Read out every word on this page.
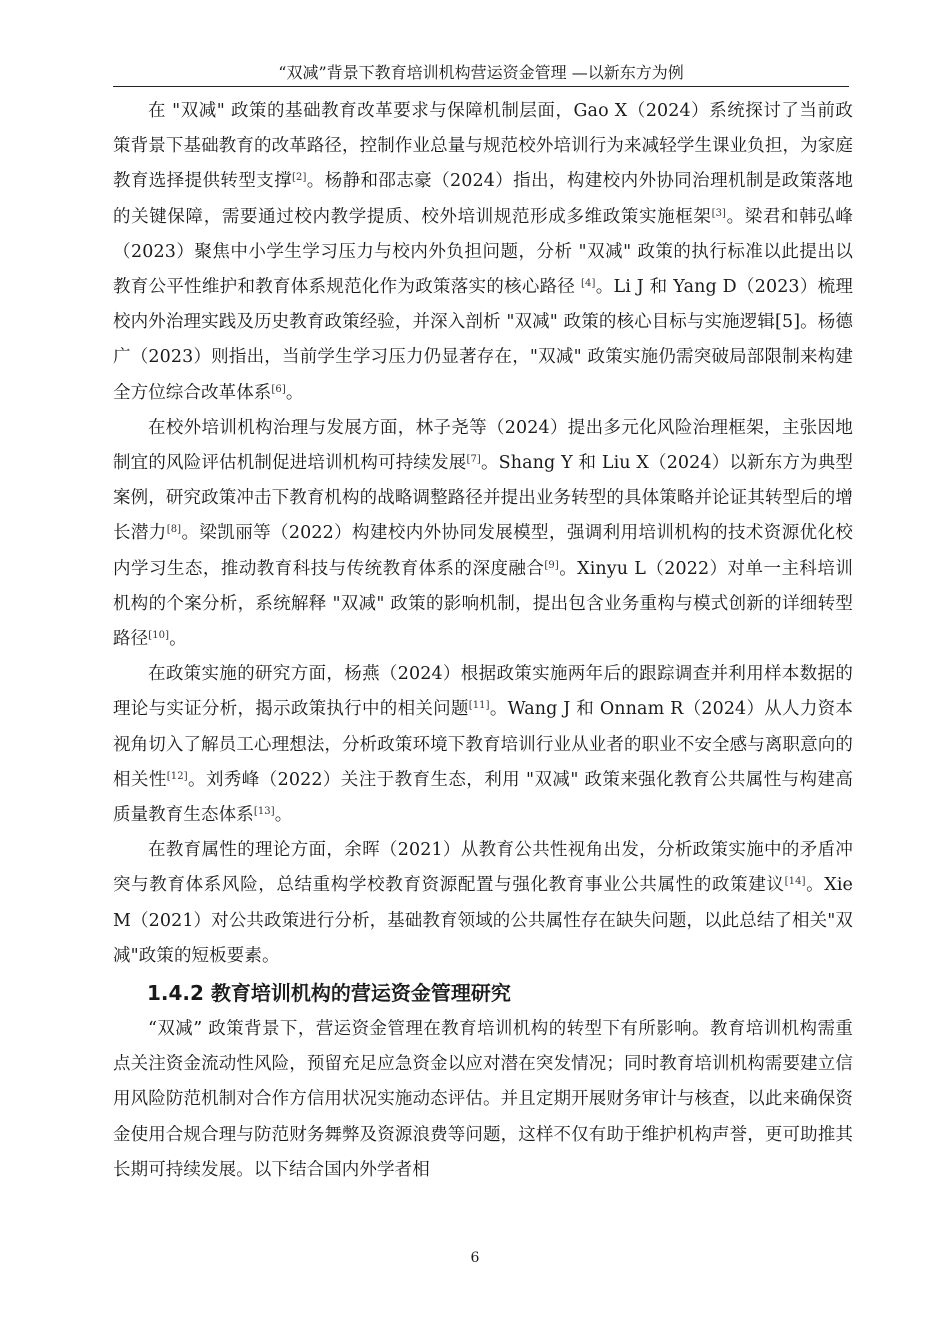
“双减”背景下教育培训机构营运资金管理 —以新东方为例

在 "双减" 政策的基础教育改革要求与保障机制层面，Gao X（2024）系统探讨了当前政策背景下基础教育的改革路径，控制作业总量与规范校外培训行为来减轻学生课业负担，为家庭教育选择提供转型支撑[2]。杨静和邵志豪（2024）指出，构建校内外协同治理机制是政策落地的关键保障，需要通过校内教学提质、校外培训规范形成多维政策实施框架[3]。梁君和韩弘峰（2023）聚焦中小学生学习压力与校内外负担问题，分析 "双减" 政策的执行标准以此提出以教育公平性维护和教育体系规范化作为政策落实的核心路径 [4]。Li J 和 Yang D（2023）梳理校内外治理实践及历史教育政策经验，并深入剖析 "双减" 政策的核心目标与实施逻辑[5]。杨德广（2023）则指出，当前学生学习压力仍显著存在，"双减" 政策实施仍需突破局部限制来构建全方位综合改革体系[6]。

在校外培训机构治理与发展方面，林子尧等（2024）提出多元化风险治理框架，主张因地制宜的风险评估机制促进培训机构可持续发展[7]。Shang Y 和 Liu X（2024）以新东方为典型案例，研究政策冲击下教育机构的战略调整路径并提出业务转型的具体策略并论证其转型后的增长潜力[8]。梁凯丽等（2022）构建校内外协同发展模型，强调利用培训机构的技术资源优化校内学习生态，推动教育科技与传统教育体系的深度融合[9]。Xinyu L（2022）对单一主科培训机构的个案分析，系统解释 "双减" 政策的影响机制，提出包含业务重构与模式创新的详细转型路径[10]。

在政策实施的研究方面，杨燕（2024）根据政策实施两年后的跟踪调查并利用样本数据的理论与实证分析，揭示政策执行中的相关问题[11]。Wang J 和 Onnam R（2024）从人力资本视角切入了解员工心理想法，分析政策环境下教育培训行业从业者的职业不安全感与离职意向的相关性[12]。刘秀峰（2022）关注于教育生态，利用 "双减" 政策来强化教育公共属性与构建高质量教育生态体系[13]。

在教育属性的理论方面，余晖（2021）从教育公共性视角出发，分析政策实施中的矛盾冲突与教育体系风险，总结重构学校教育资源配置与强化教育事业公共属性的政策建议[14]。Xie M（2021）对公共政策进行分析，基础教育领域的公共属性存在缺失问题，以此总结了相关"双减"政策的短板要素。

1.4.2 教育培训机构的营运资金管理研究

“双减” 政策背景下，营运资金管理在教育培训机构的转型下有所影响。教育培训机构需重点关注资金流动性风险，预留充足应急资金以应对潜在突发情况；同时教育培训机构需要建立信用风险防范机制对合作方信用状况实施动态评估。并且定期开展财务审计与核查，以此来确保资金使用合规合理与防范财务舞弊及资源浪费等问题，这样不仅有助于维护机构声誉，更可助推其长期可持续发展。以下结合国内外学者相

6
